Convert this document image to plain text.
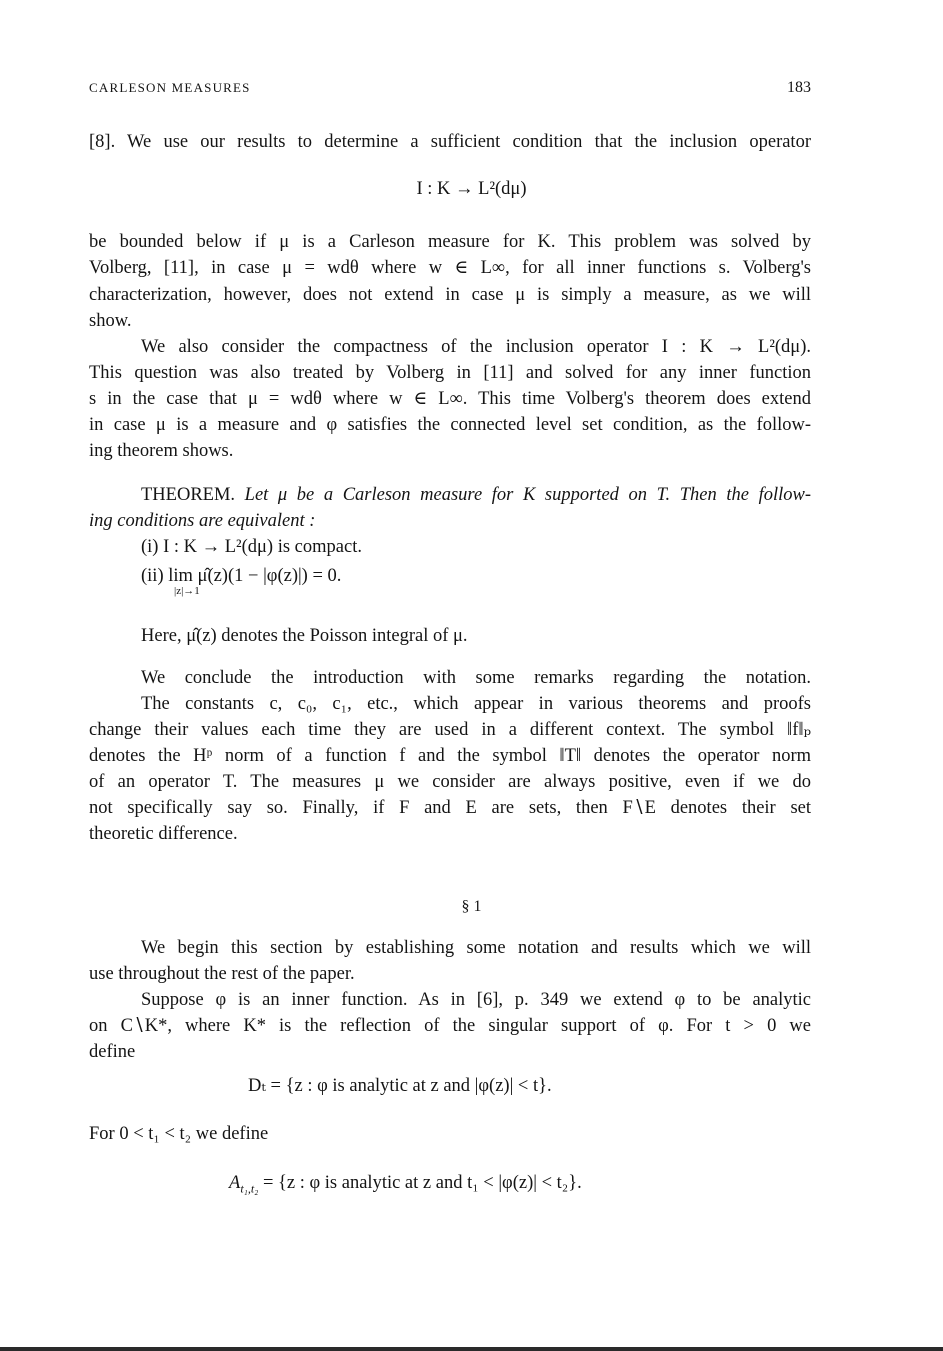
CARLESON MEASURES	183
[8]. We use our results to determine a sufficient condition that the inclusion operator
I : K → L²(dμ)
be bounded below if μ is a Carleson measure for K. This problem was solved by
Volberg, [11], in case μ = wdθ where w ∈ L∞, for all inner functions s. Volberg's
characterization, however, does not extend in case μ is simply a measure, as we will
show.
We also consider the compactness of the inclusion operator I : K → L²(dμ).
This question was also treated by Volberg in [11] and solved for any inner function
s in the case that μ = wdθ where w ∈ L∞. This time Volberg's theorem does extend
in case μ is a measure and φ satisfies the connected level set condition, as the follow-
ing theorem shows.
THEOREM. Let μ be a Carleson measure for K supported on T. Then the follow-
ing conditions are equivalent :
(i) I : K → L²(dμ) is compact.
(ii) lim μ̂(z)(1 − |φ(z)|) = 0.
|z|→1
Here, μ̂(z) denotes the Poisson integral of μ.
We conclude the introduction with some remarks regarding the notation.
The constants c, c₀, c₁, etc., which appear in various theorems and proofs
change their values each time they are used in a different context. The symbol ‖f‖ₚ
denotes the Hᵖ norm of a function f and the symbol ‖T‖ denotes the operator norm
of an operator T. The measures μ we consider are always positive, even if we do
not specifically say so. Finally, if F and E are sets, then F∖E denotes their set
theoretic difference.
§ 1
We begin this section by establishing some notation and results which we will
use throughout the rest of the paper.
Suppose φ is an inner function. As in [6], p. 349 we extend φ to be analytic
on C∖K*, where K* is the reflection of the singular support of φ. For t > 0 we
define
Dₜ = {z : φ is analytic at z and |φ(z)| < t}.
For 0 < t₁ < t₂ we define
$A_{t_1,t_2} = \{z$ : φ is analytic at z and t₁ < |φ(z)| < t₂}.
